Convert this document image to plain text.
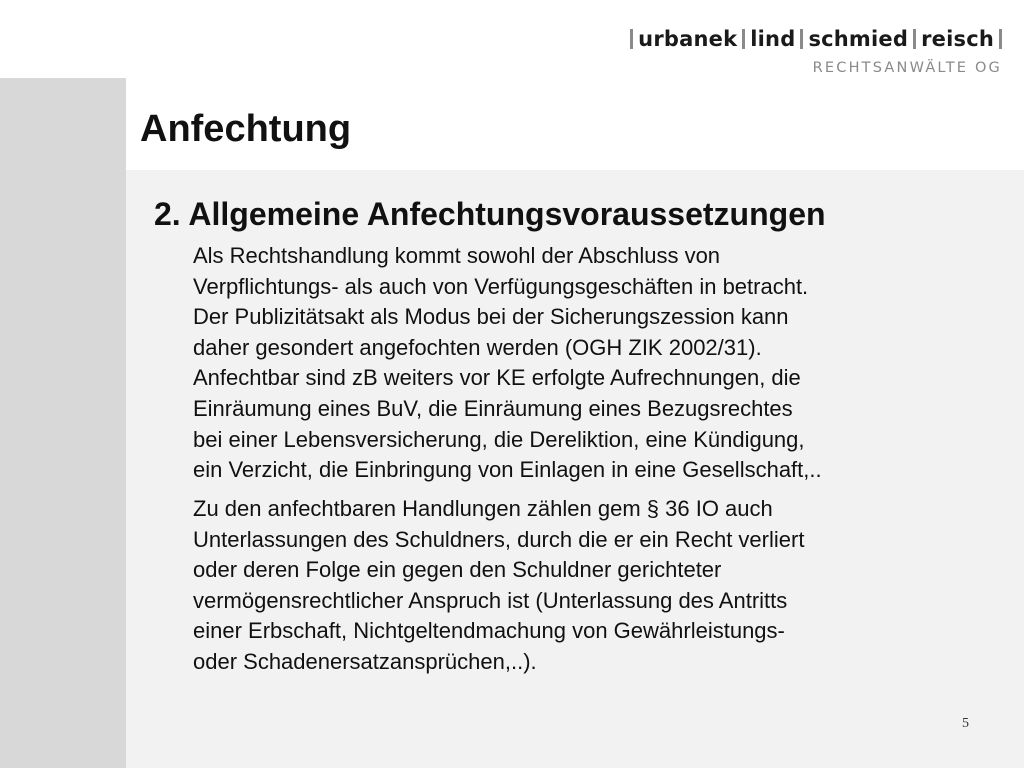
urbanek lind schmied reisch
RECHTSANWÄLTE OG
Anfechtung
2. Allgemeine Anfechtungsvoraussetzungen

Als Rechtshandlung kommt sowohl der Abschluss von
Verpflichtungs- als auch von Verfügungsgeschäften in betracht.
Der Publizitätsakt als Modus bei der Sicherungszession kann
daher gesondert angefochten werden (OGH ZIK 2002/31).
Anfechtbar sind zB weiters vor KE erfolgte Aufrechnungen, die
Einräumung eines BuV, die Einräumung eines Bezugsrechtes
bei einer Lebensversicherung, die Dereliktion, eine Kündigung,
ein Verzicht, die Einbringung von Einlagen in eine Gesellschaft,..

Zu den anfechtbaren Handlungen zählen gem § 36 IO auch
Unterlassungen des Schuldners, durch die er ein Recht verliert
oder deren Folge ein gegen den Schuldner gerichteter
vermögensrechtlicher Anspruch ist (Unterlassung des Antritts
einer Erbschaft, Nichtgeltendmachung von Gewährleistungs-
oder Schadenersatzansprüchen,..).

5
